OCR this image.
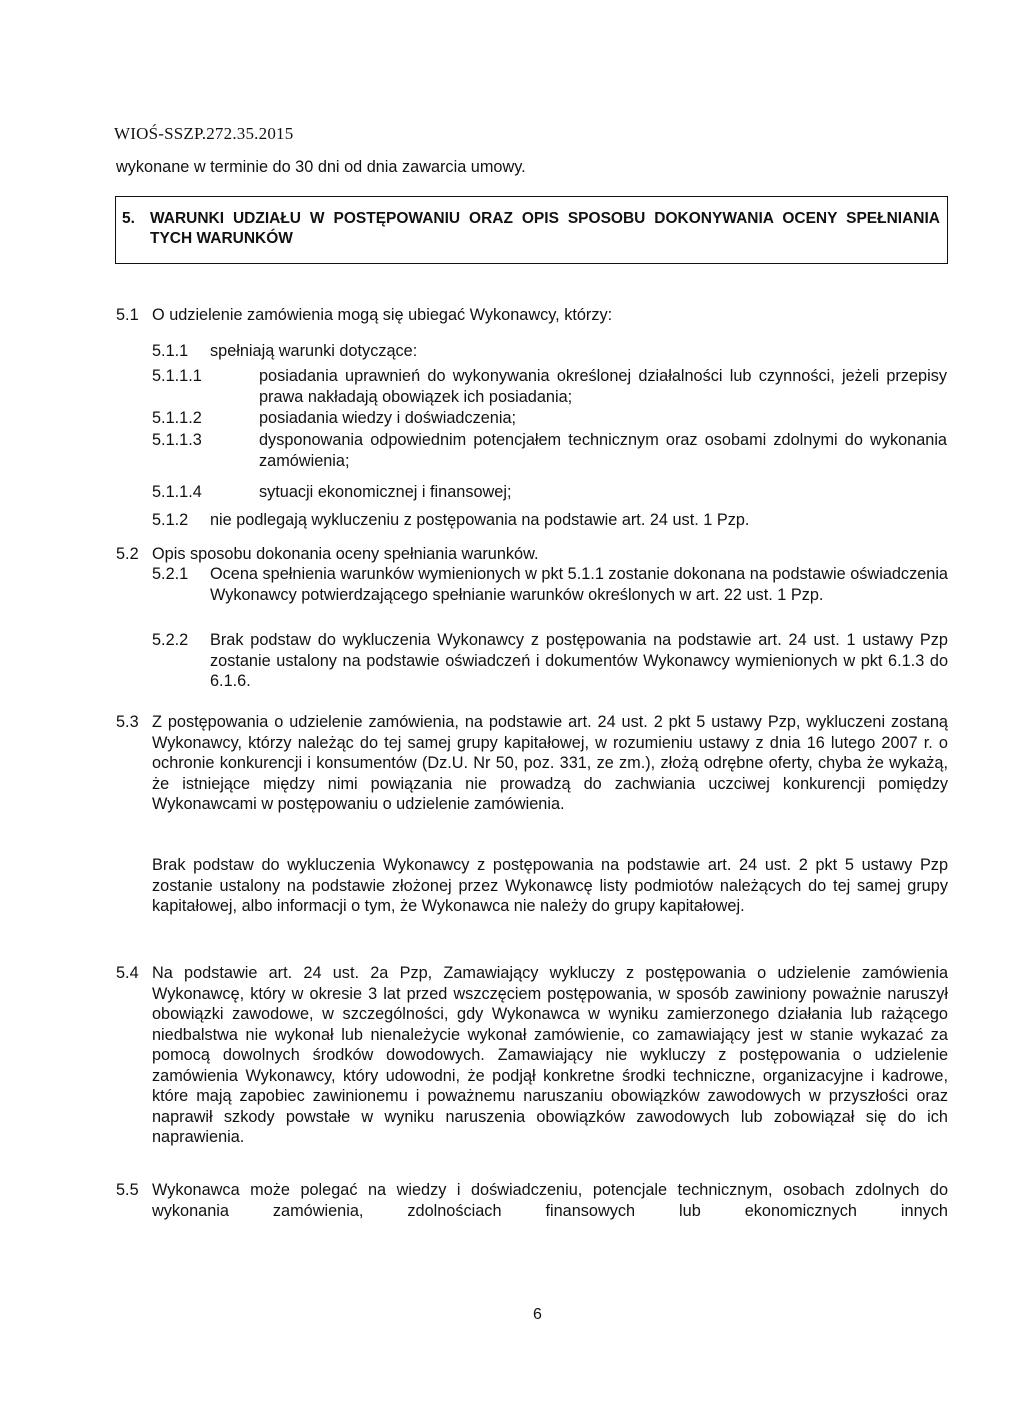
WIOŚ-SSZP.272.35.2015
wykonane w terminie do 30 dni od dnia zawarcia umowy.
5. WARUNKI UDZIAŁU W POSTĘPOWANIU ORAZ OPIS SPOSOBU DOKONYWANIA OCENY SPEŁNIANIA TYCH WARUNKÓW
5.1 O udzielenie zamówienia mogą się ubiegać Wykonawcy, którzy:
5.1.1 spełniają warunki dotyczące:
5.1.1.1	posiadania uprawnień do wykonywania określonej działalności lub czynności, jeżeli przepisy prawa nakładają obowiązek ich posiadania;
5.1.1.2	posiadania wiedzy i doświadczenia;
5.1.1.3	dysponowania odpowiednim potencjałem technicznym oraz osobami zdolnymi do wykonania zamówienia;
5.1.1.4	sytuacji ekonomicznej i finansowej;
5.1.2 nie podlegają wykluczeniu z postępowania na podstawie art. 24 ust. 1 Pzp.
5.2 Opis sposobu dokonania oceny spełniania warunków.
5.2.1 Ocena spełnienia warunków wymienionych w pkt 5.1.1 zostanie dokonana na podstawie oświadczenia Wykonawcy potwierdzającego spełnianie warunków określonych w art. 22 ust. 1 Pzp.
5.2.2 Brak podstaw do wykluczenia Wykonawcy z postępowania na podstawie art. 24 ust. 1 ustawy Pzp zostanie ustalony na podstawie oświadczeń i dokumentów Wykonawcy wymienionych w pkt 6.1.3 do 6.1.6.
5.3 Z postępowania o udzielenie zamówienia, na podstawie art. 24 ust. 2 pkt 5 ustawy Pzp, wykluczeni zostaną Wykonawcy, którzy należąc do tej samej grupy kapitałowej, w rozumieniu ustawy z dnia 16 lutego 2007 r. o ochronie konkurencji i konsumentów (Dz.U. Nr 50, poz. 331, ze zm.), złożą odrębne oferty, chyba że wykażą, że istniejące między nimi powiązania nie prowadzą do zachwiania uczciwej konkurencji pomiędzy Wykonawcami w postępowaniu o udzielenie zamówienia.
Brak podstaw do wykluczenia Wykonawcy z postępowania na podstawie art. 24 ust. 2 pkt 5 ustawy Pzp zostanie ustalony na podstawie złożonej przez Wykonawcę listy podmiotów należących do tej samej grupy kapitałowej, albo informacji o tym, że Wykonawca nie należy do grupy kapitałowej.
5.4 Na podstawie art. 24 ust. 2a Pzp, Zamawiający wykluczy z postępowania o udzielenie zamówienia Wykonawcę, który w okresie 3 lat przed wszczęciem postępowania, w sposób zawiniony poważnie naruszył obowiązki zawodowe, w szczególności, gdy Wykonawca w wyniku zamierzonego działania lub rażącego niedbalstwa nie wykonał lub nienależycie wykonał zamówienie, co zamawiający jest w stanie wykazać za pomocą dowolnych środków dowodowych. Zamawiający nie wykluczy z postępowania o udzielenie zamówienia Wykonawcy, który udowodni, że podjął konkretne środki techniczne, organizacyjne i kadrowe, które mają zapobiec zawinionemu i poważnemu naruszaniu obowiązków zawodowych w przyszłości oraz naprawił szkody powstałe w wyniku naruszenia obowiązków zawodowych lub zobowiązał się do ich naprawienia.
5.5 Wykonawca może polegać na wiedzy i doświadczeniu, potencjale technicznym, osobach zdolnych do wykonania zamówienia, zdolnościach finansowych lub ekonomicznych innych
6
